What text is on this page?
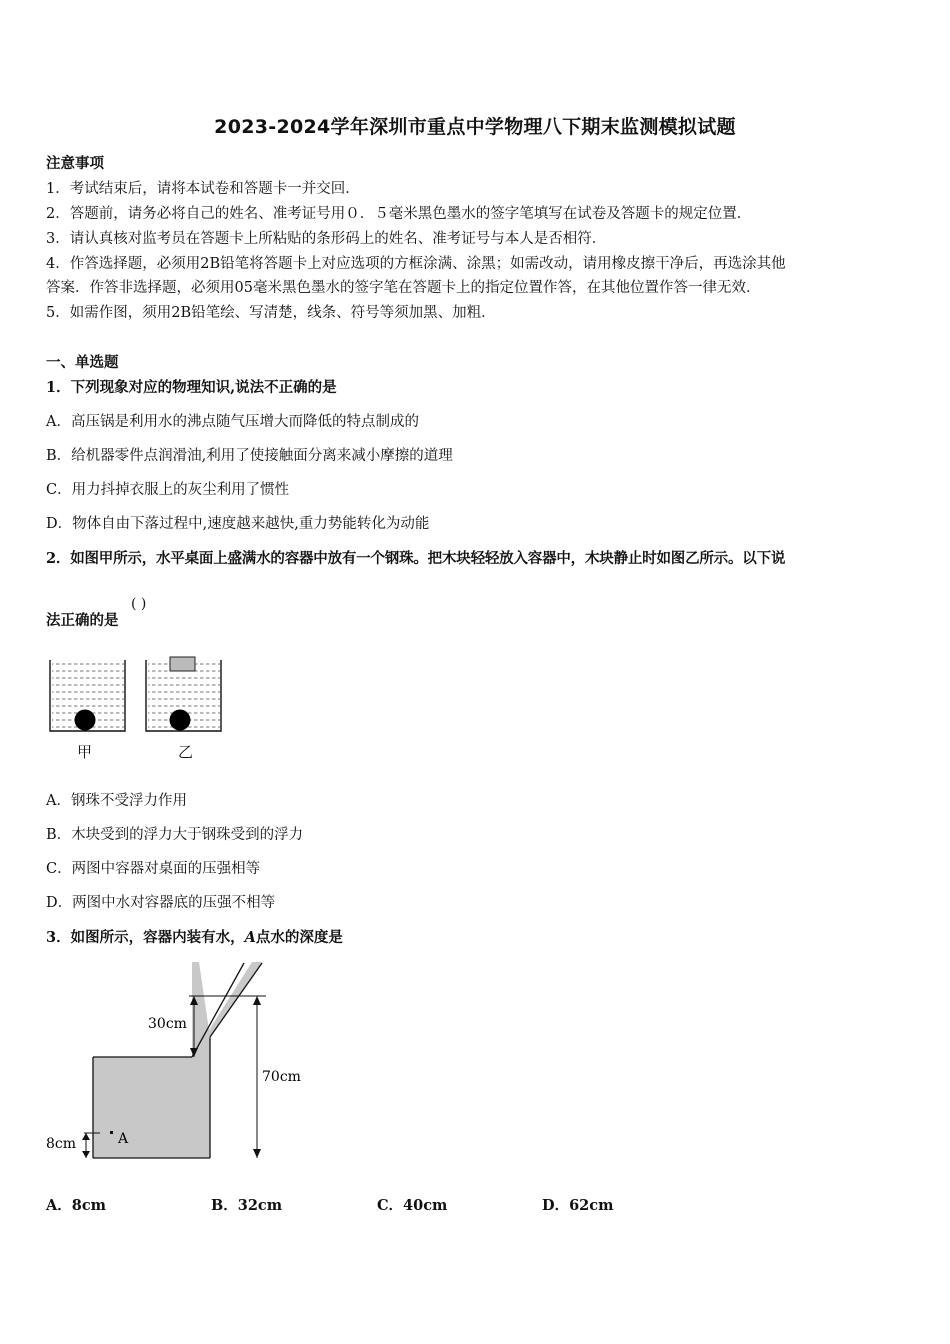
2023-2024学年深圳市重点中学物理八下期末监测模拟试题
注意事项
1．考试结束后，请将本试卷和答题卡一并交回．
2．答题前，请务必将自己的姓名、准考证号用０．５毫米黑色墨水的签字笔填写在试卷及答题卡的规定位置．
3．请认真核对监考员在答题卡上所粘贴的条形码上的姓名、准考证号与本人是否相符．
4．作答选择题，必须用2B铅笔将答题卡上对应选项的方框涂满、涂黑；如需改动，请用橡皮擦干净后，再选涂其他
答案．作答非选择题，必须用05毫米黑色墨水的签字笔在答题卡上的指定位置作答，在其他位置作答一律无效．
5．如需作图，须用2B铅笔绘、写清楚，线条、符号等须加黑、加粗．
一、单选题
1．下列现象对应的物理知识,说法不正确的是
A．高压锅是利用水的沸点随气压增大而降低的特点制成的
B．给机器零件点润滑油,利用了使接触面分离来减小摩擦的道理
C．用力抖掉衣服上的灰尘利用了惯性
D．物体自由下落过程中,速度越来越快,重力势能转化为动能
2．如图甲所示，水平桌面上盛满水的容器中放有一个钢珠。把木块轻轻放入容器中，木块静止时如图乙所示。以下说
法正确的是
( )
甲	乙
A．钢珠不受浮力作用
B．木块受到的浮力大于钢珠受到的浮力
C．两图中容器对桌面的压强相等
D．两图中水对容器底的压强不相等
3．如图所示，容器内装有水，A点水的深度是
30cm
70cm
8cm	A
A．8cm	B．32cm	C．40cm	D．62cm
